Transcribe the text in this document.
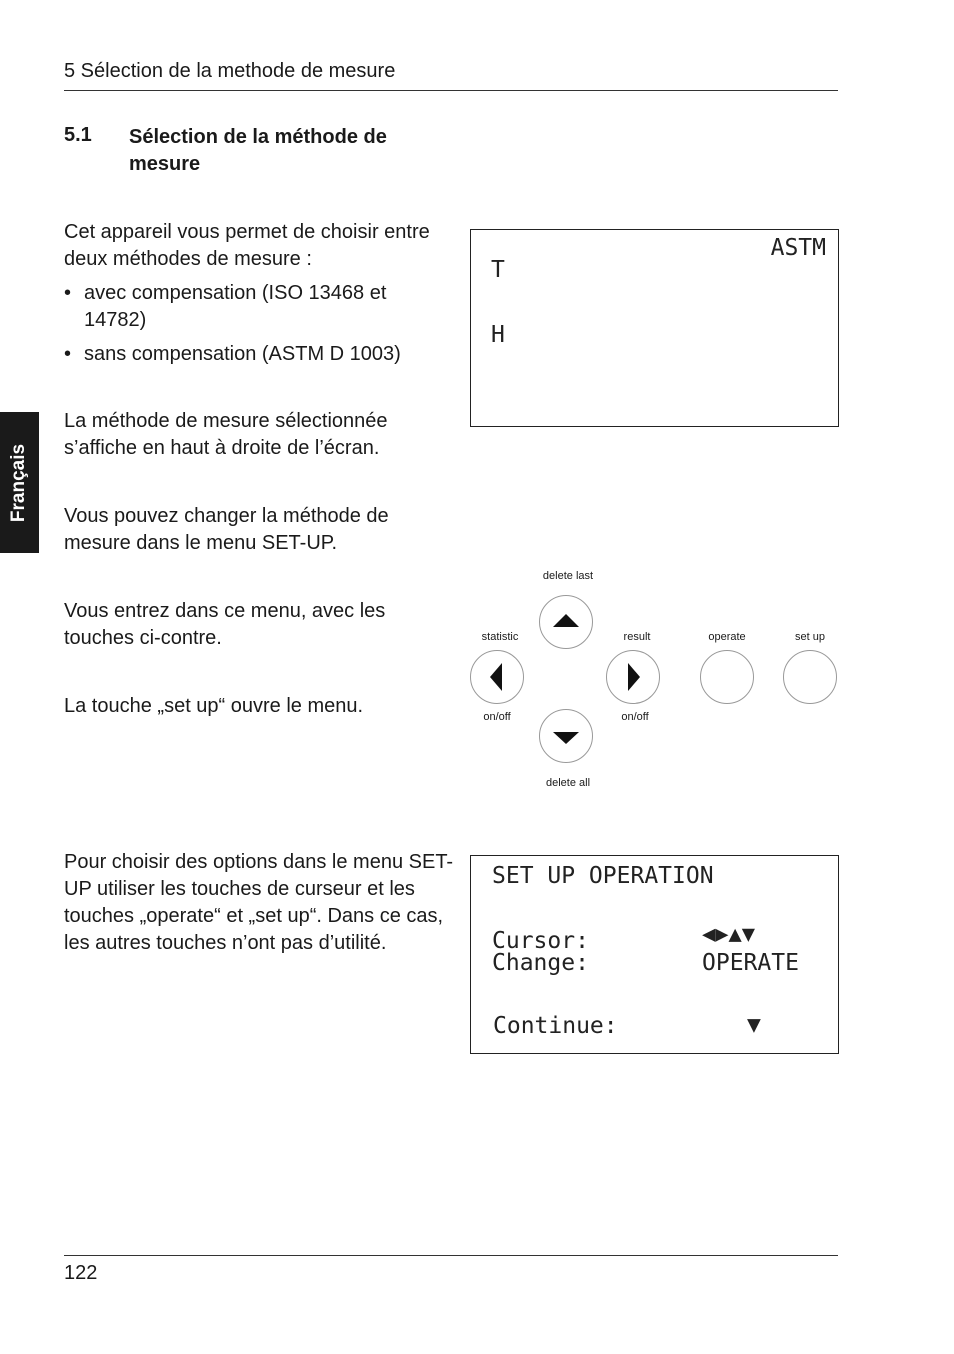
5 Sélection de la methode de mesure
5.1 Sélection de la méthode de mesure
Français
Cet appareil vous permet de choisir entre deux méthodes de mesure :
• avec compensation (ISO 13468 et 14782)
• sans compensation (ASTM D 1003)
La méthode de mesure sélectionnée s’affiche en haut à droite de l’écran.
Vous pouvez changer la méthode de mesure dans le menu SET-UP.
Vous entrez dans ce menu, avec les touches ci-contre.
La touche „set up“ ouvre le menu.
Pour choisir des options dans le menu SET-UP utiliser les touches de curseur et les touches „operate“ et „set up“. Dans ce cas, les autres touches n’ont pas d’utilité.
ASTM
T
H
delete last
statistic	result
on/off	on/off
delete all
operate	set up
SET UP OPERATION
Cursor:	◀▶▲▼
Change:	OPERATE
Continue:	▼
122
